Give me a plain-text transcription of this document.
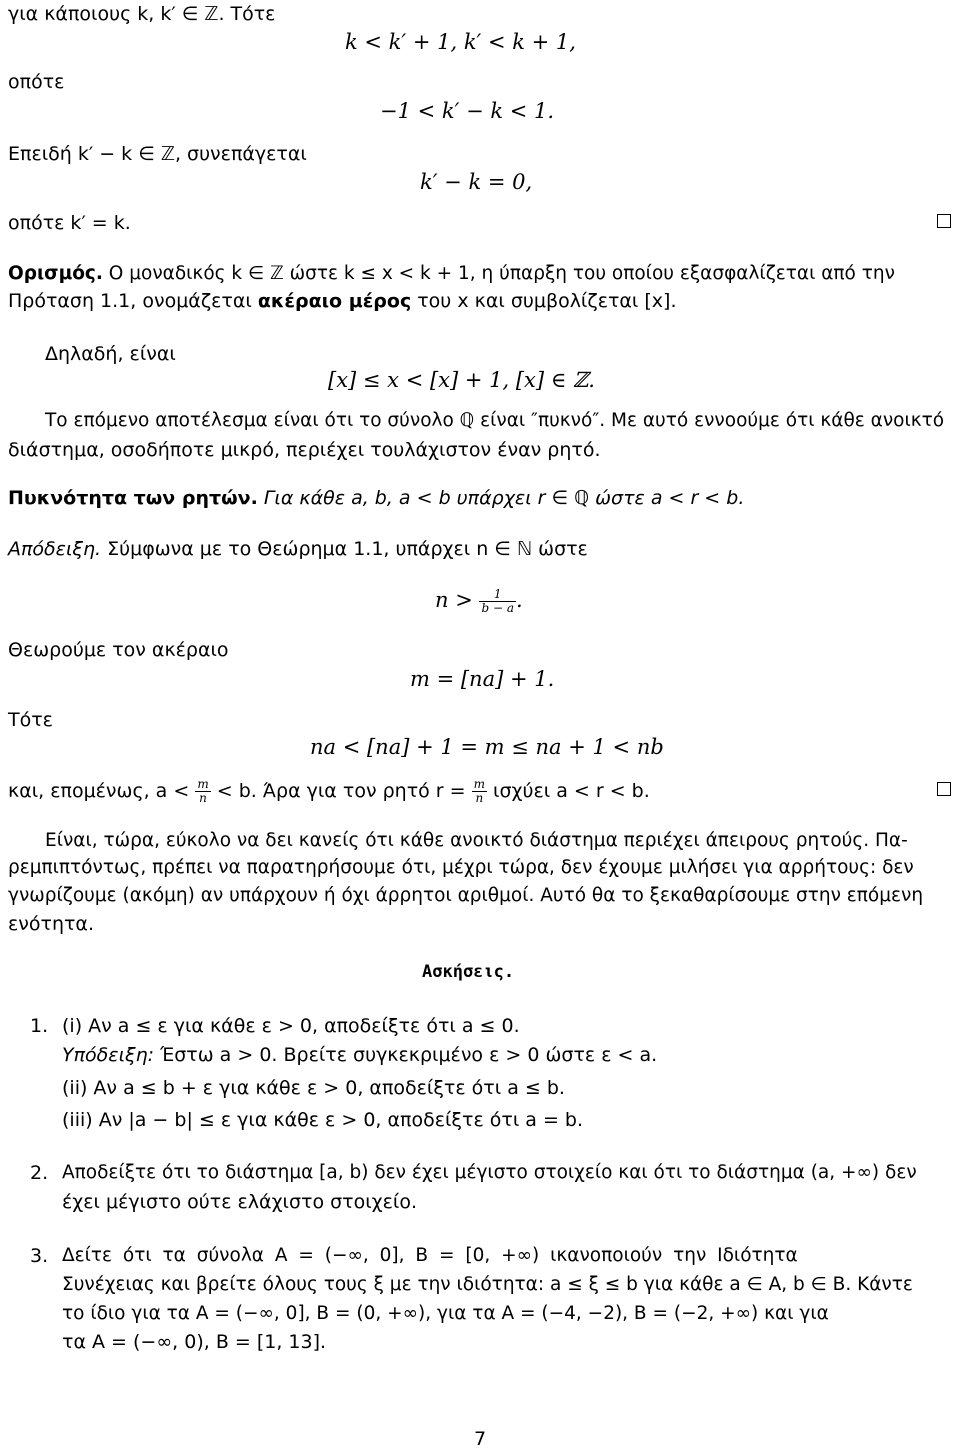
για κάποιους k, k′ ∈ ℤ. Τότε
k < k′ + 1, k′ < k + 1,
οπότε
−1 < k′ − k < 1.
Επειδή k′ − k ∈ ℤ, συνεπάγεται
k′ − k = 0,
οπότε k′ = k.
Ορισμός. Ο μοναδικός k ∈ ℤ ώστε k ≤ x < k + 1, η ύπαρξη του οποίου εξασφαλίζεται από την
Πρόταση 1.1, ονομάζεται ακέραιο μέρος του x και συμβολίζεται [x].
Δηλαδή, είναι
[x] ≤ x < [x] + 1, [x] ∈ ℤ.
Το επόμενο αποτέλεσμα είναι ότι το σύνολο ℚ είναι ″πυκνό″. Με αυτό εννοούμε ότι κάθε ανοικτό
διάστημα, οσοδήποτε μικρό, περιέχει τουλάχιστον έναν ρητό.
Πυκνότητα των ρητών. Για κάθε a, b, a < b υπάρχει r ∈ ℚ ώστε a < r < b.
Απόδειξη. Σύμφωνα με το Θεώρημα 1.1, υπάρχει n ∈ ℕ ώστε
$n > \frac{1}{b - a}$ .
Θεωρούμε τον ακέραιο
m = [na] + 1.
Τότε
na < [na] + 1 = m ≤ na + 1 < nb
και, επομένως, $a < \frac{m}{n} < b$. Άρα για τον ρητό $r = \frac{m}{n}$ ισχύει a < r < b.
Είναι, τώρα, εύκολο να δει κανείς ότι κάθε ανοικτό διάστημα περιέχει άπειρους ρητούς. Πα-
ρεμπιπτόντως, πρέπει να παρατηρήσουμε ότι, μέχρι τώρα, δεν έχουμε μιλήσει για αρρήτους: δεν
γνωρίζουμε (ακόμη) αν υπάρχουν ή όχι άρρητοι αριθμοί. Αυτό θα το ξεκαθαρίσουμε στην επόμενη
ενότητα.
Ασκήσεις.
1. (i) Αν a ≤ ε για κάθε ε > 0, αποδείξτε ότι a ≤ 0.
Υπόδειξη: Έστω a > 0. Βρείτε συγκεκριμένο ε > 0 ώστε ε < a.
(ii) Αν a ≤ b + ε για κάθε ε > 0, αποδείξτε ότι a ≤ b.
(iii) Αν |a − b| ≤ ε για κάθε ε > 0, αποδείξτε ότι a = b.
2. Αποδείξτε ότι το διάστημα [a, b) δεν έχει μέγιστο στοιχείο και ότι το διάστημα (a, +∞) δεν
έχει μέγιστο ούτε ελάχιστο στοιχείο.
3. Δείτε ότι τα σύνολα A = (−∞, 0], B = [0, +∞) ικανοποιούν την Ιδιότητα
Συνέχειας και βρείτε όλους τους ξ με την ιδιότητα: a ≤ ξ ≤ b για κάθε a ∈ A, b ∈ B. Κάντε
το ίδιο για τα A = (−∞, 0], B = (0, +∞), για τα A = (−4, −2), B = (−2, +∞) και για
τα A = (−∞, 0), B = [1, 13].
7
